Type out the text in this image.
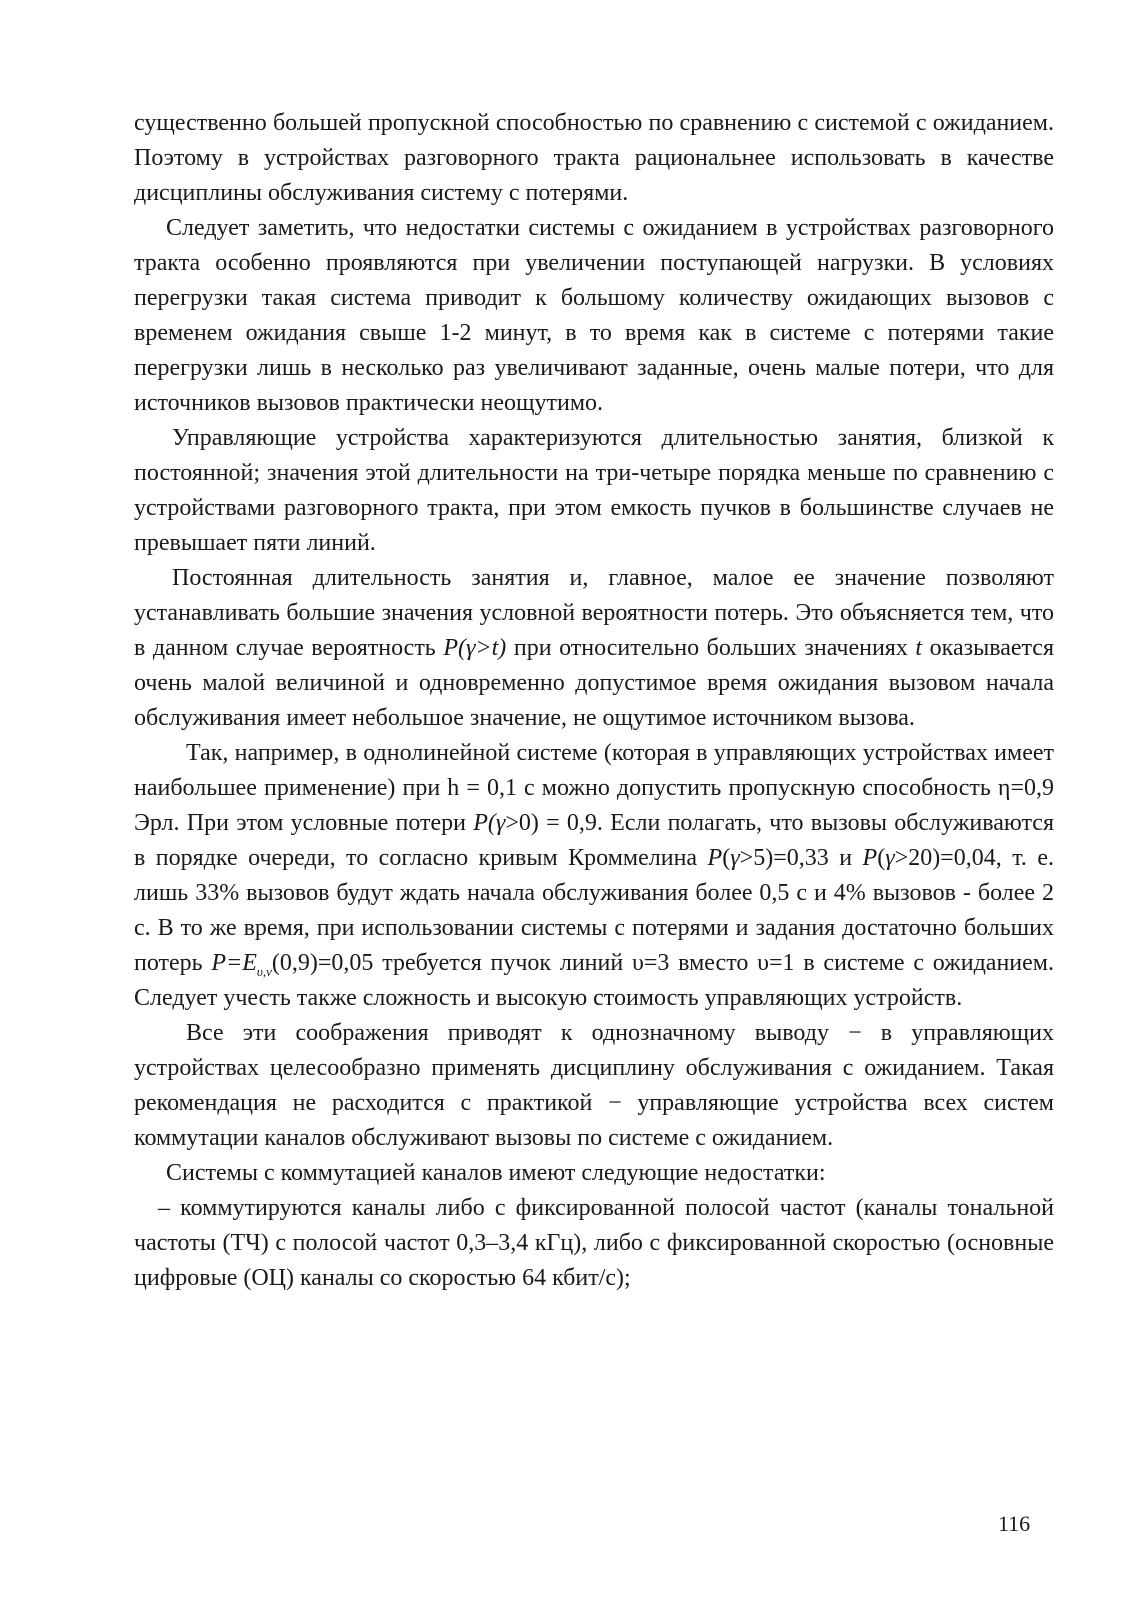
существенно большей пропускной способностью по сравнению с системой с ожиданием. Поэтому в устройствах разговорного тракта рациональнее использовать в качестве дисциплины обслуживания систему с потерями.

Следует заметить, что недостатки системы с ожиданием в устройствах разговорного тракта особенно проявляются при увеличении поступающей нагрузки. В условиях перегрузки такая система приводит к большому количеству ожидающих вызовов с временем ожидания свыше 1-2 минут, в то время как в системе с потерями такие перегрузки лишь в несколько раз увеличивают заданные, очень малые потери, что для источников вызовов практически неощутимо.

Управляющие устройства характеризуются длительностью занятия, близкой к постоянной; значения этой длительности на три-четыре порядка меньше по сравнению с устройствами разговорного тракта, при этом емкость пучков в большинстве случаев не превышает пяти линий.

Постоянная длительность занятия и, главное, малое ее значение позволяют устанавливать большие значения условной вероятности потерь. Это объясняется тем, что в данном случае вероятность P(γ>t) при относительно больших значениях t оказывается очень малой величиной и одновременно допустимое время ожидания вызовом начала обслуживания имеет небольшое значение, не ощутимое источником вызова.

Так, например, в однолинейной системе (которая в управляющих устройствах имеет наибольшее применение) при h = 0,1 с можно допустить пропускную способность η=0,9 Эрл. При этом условные потери P(γ>0) = 0,9. Если полагать, что вызовы обслуживаются в порядке очереди, то согласно кривым Кроммелина P(γ>5)=0,33 и P(γ>20)=0,04, т. е. лишь 33% вызовов будут ждать начала обслуживания более 0,5 с и 4% вызовов - более 2 с. В то же время, при использовании системы с потерями и задания достаточно больших потерь $P=E_{\upsilon,v}(0,9)=0,05$ требуется пучок линий υ=3 вместо υ=1 в системе с ожиданием. Следует учесть также сложность и высокую стоимость управляющих устройств.

Все эти соображения приводят к однозначному выводу − в управляющих устройствах целесообразно применять дисциплину обслуживания с ожиданием. Такая рекомендация не расходится с практикой − управляющие устройства всех систем коммутации каналов обслуживают вызовы по системе с ожиданием.

Системы с коммутацией каналов имеют следующие недостатки:

– коммутируются каналы либо с фиксированной полосой частот (каналы тональной частоты (ТЧ) с полосой частот 0,3–3,4 кГц), либо с фиксированной скоростью (основные цифровые (ОЦ) каналы со скоростью 64 кбит/с);

116
